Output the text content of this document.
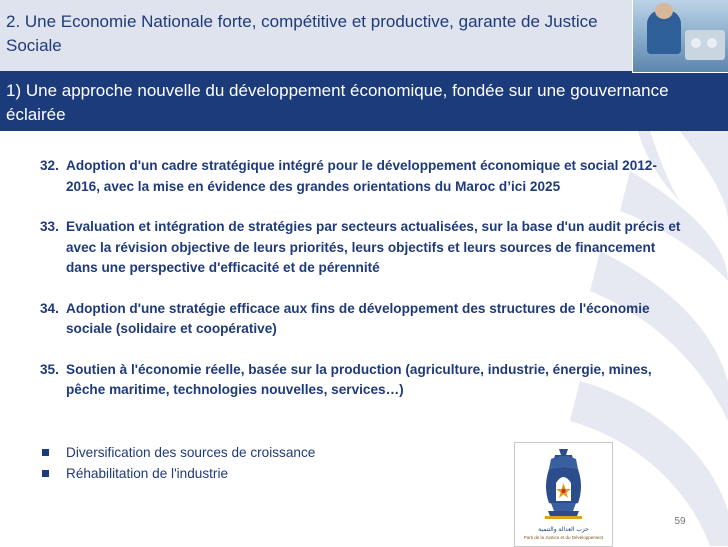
2. Une Economie Nationale forte, compétitive et productive, garante de Justice Sociale
1) Une approche nouvelle du développement économique, fondée sur une gouvernance éclairée
32. Adoption d'un cadre stratégique intégré pour le développement économique et social 2012-2016, avec la mise en évidence des grandes orientations du Maroc d’ici 2025
33. Evaluation et intégration de stratégies par secteurs actualisées, sur la base d'un audit précis et avec la révision objective de leurs priorités, leurs objectifs et leurs sources de financement dans une perspective d'efficacité et de pérennité
34. Adoption d'une stratégie efficace aux fins de développement des structures de l'économie sociale (solidaire et coopérative)
35. Soutien à l'économie réelle, basée sur la production (agriculture, industrie, énergie, mines, pêche maritime, technologies nouvelles, services…)
Diversification des sources de croissance
Réhabilitation de l'industrie
حزب العدالة والتنمية
Parti de la Justice et du Développement
59
